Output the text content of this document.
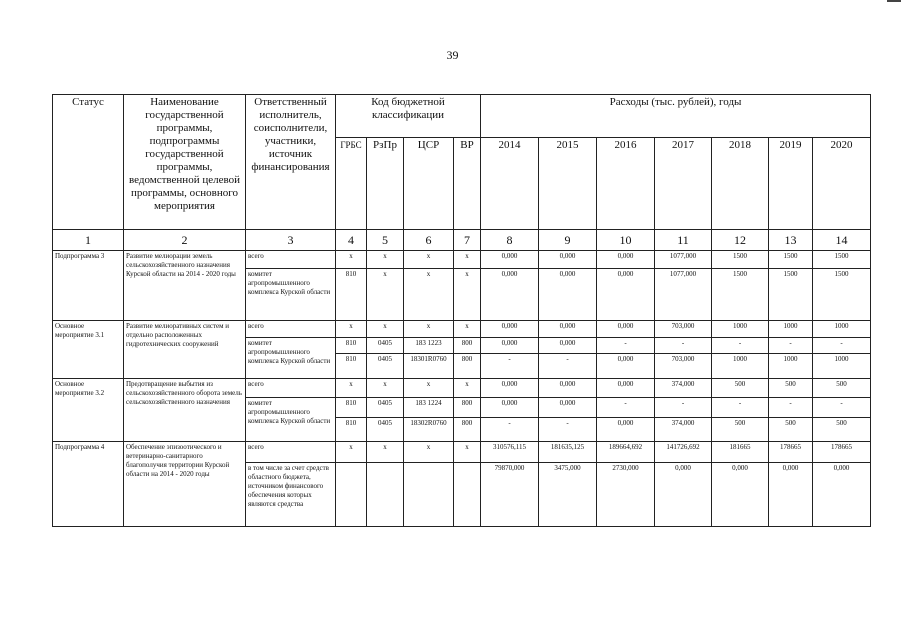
39
Статус	Наименование государственной программы, подпрограммы государственной программы, ведомственной целевой программы, основного мероприятия	Ответственный исполнитель, соисполнители, участники, источник финансирования	Код бюджетной классификации				Расходы (тыс. рублей), годы						
			ГРБС	РзПр	ЦСР	ВР	2014	2015	2016	2017	2018	2019	2020
1	2	3	4	5	6	7	8	9	10	11	12	13	14
Подпрограмма 3	Развитие мелиорации земель сельскохозяйственного назначения Курской области на 2014 - 2020 годы	всего	х	х	х	х	0,000	0,000	0,000	1077,000	1500	1500	1500
		комитет агропромышленного комплекса Курской области	810	х	х	х	0,000	0,000	0,000	1077,000	1500	1500	1500
Основное мероприятие 3.1	Развитие мелиоративных систем и отдельно расположенных гидротехнических сооружений	всего	х	х	х	х	0,000	0,000	0,000	703,000	1000	1000	1000
		комитет агропромышленного комплекса Курской области	810	0405	183 1223	800	0,000	0,000	-	-	-	-	-
			810	0405	18301R0760	800	-	-	0,000	703,000	1000	1000	1000
Основное мероприятие 3.2	Предотвращение выбытия из сельскохозяйственного оборота земель сельскохозяйственного назначения	всего	х	х	х	х	0,000	0,000	0,000	374,000	500	500	500
		комитет агропромышленного комплекса Курской области	810	0405	183 1224	800	0,000	0,000	-	-	-	-	-
			810	0405	18302R0760	800	-	-	0,000	374,000	500	500	500
Подпрограмма 4	Обеспечение эпизоотического и ветеринарно-санитарного благополучия территории Курской области на 2014 - 2020 годы	всего	х	х	х	х	310576,115	181635,125	189664,692	141726,692	181665	178665	178665
		в том числе за счет средств областного бюджета, источником финансового обеспечения которых являются средства					79870,000	3475,000	2730,000	0,000	0,000	0,000	0,000
